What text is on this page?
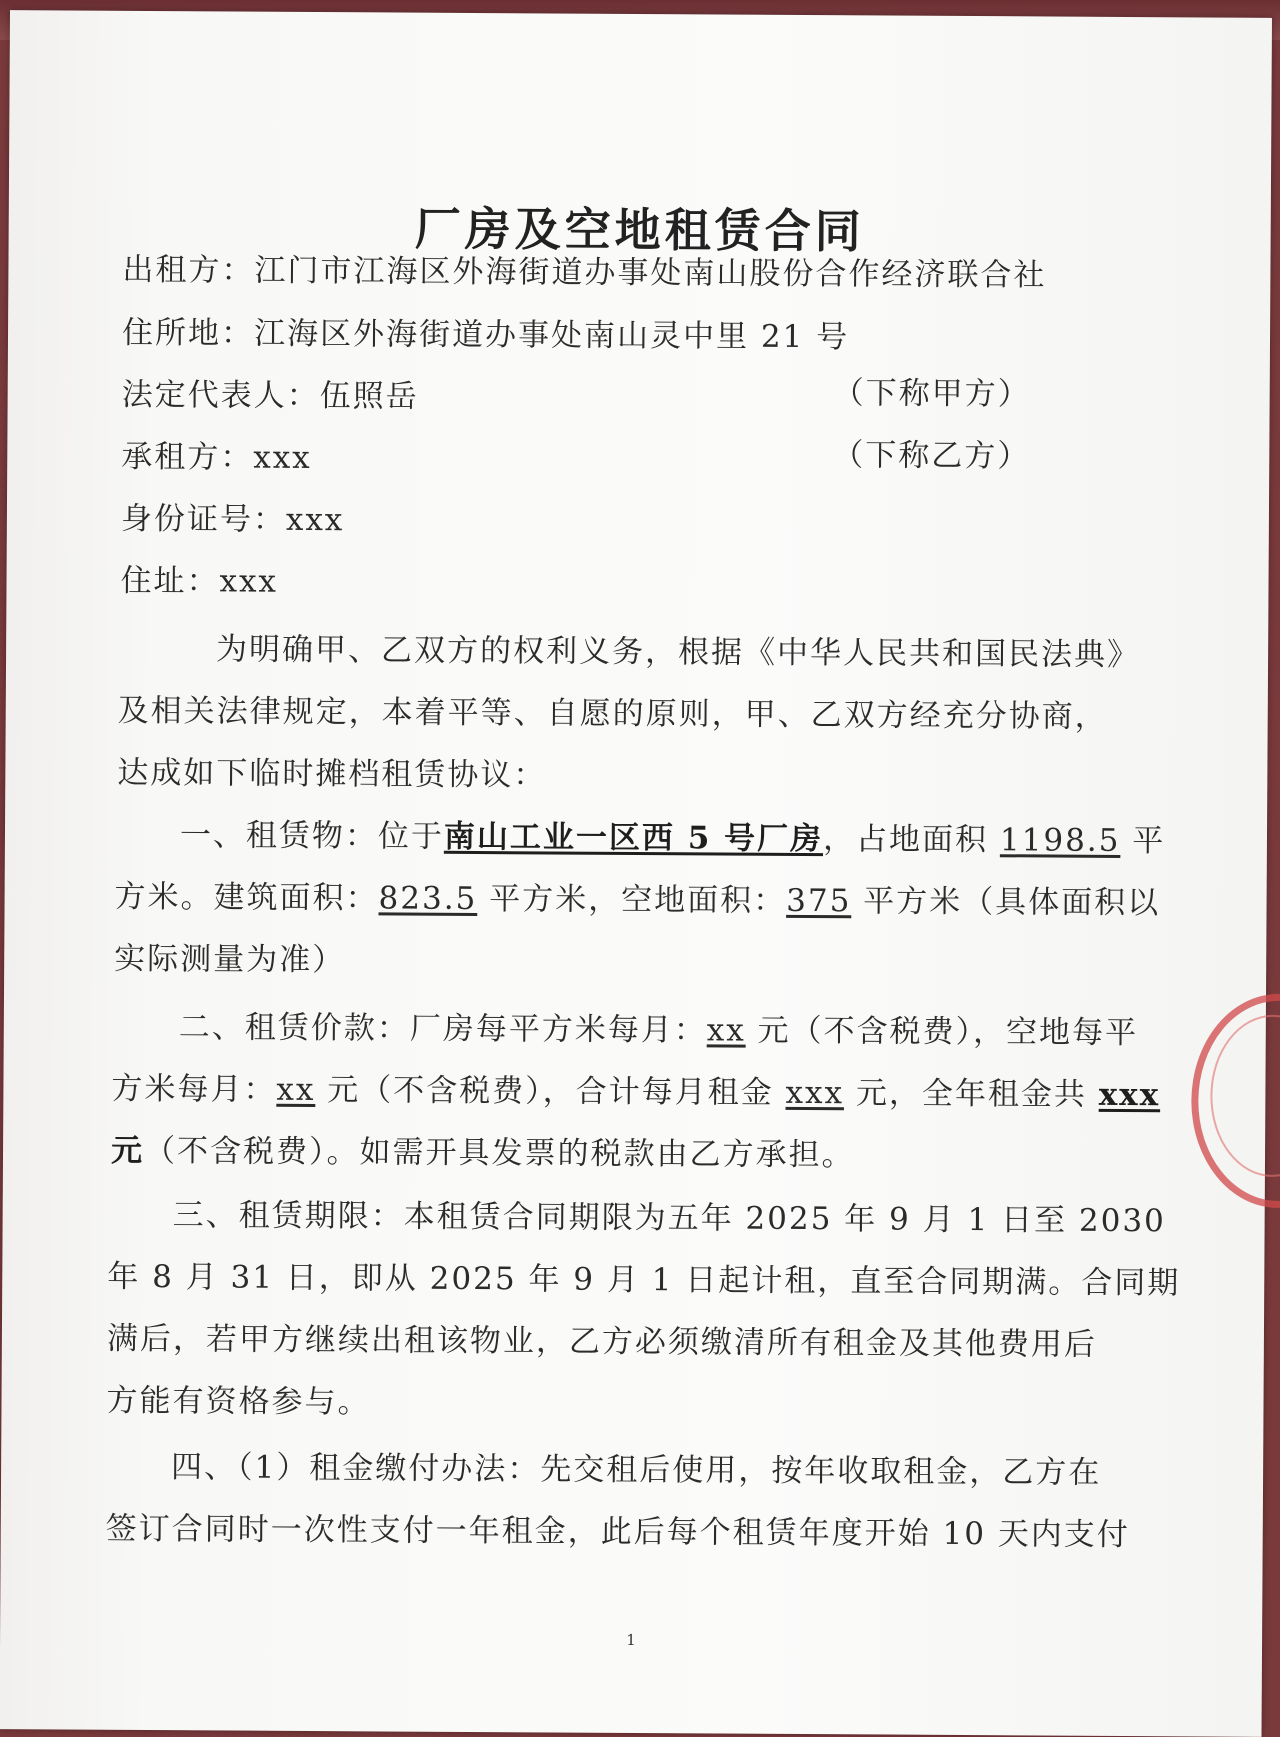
厂房及空地租赁合同
出租方：江门市江海区外海街道办事处南山股份合作经济联合社
住所地：江海区外海街道办事处南山灵中里 21 号
法定代表人：伍照岳	（下称甲方）
承租方：xxx	（下称乙方）
身份证号：xxx
住址：xxx
为明确甲、乙双方的权利义务，根据《中华人民共和国民法典》
及相关法律规定，本着平等、自愿的原则，甲、乙双方经充分协商，
达成如下临时摊档租赁协议：
一、租赁物：位于南山工业一区西 5 号厂房，占地面积 1198.5 平
方米。建筑面积：823.5 平方米，空地面积：375 平方米（具体面积以
实际测量为准）
二、租赁价款：厂房每平方米每月：xx 元（不含税费），空地每平
方米每月：xx 元（不含税费），合计每月租金 xxx 元，全年租金共 xxx
元（不含税费）。如需开具发票的税款由乙方承担。
三、租赁期限：本租赁合同期限为五年 2025 年 9 月 1 日至 2030
年 8 月 31 日，即从 2025 年 9 月 1 日起计租，直至合同期满。合同期
满后，若甲方继续出租该物业，乙方必须缴清所有租金及其他费用后
方能有资格参与。
四、（1）租金缴付办法：先交租后使用，按年收取租金，乙方在
签订合同时一次性支付一年租金，此后每个租赁年度开始 10 天内支付
1
